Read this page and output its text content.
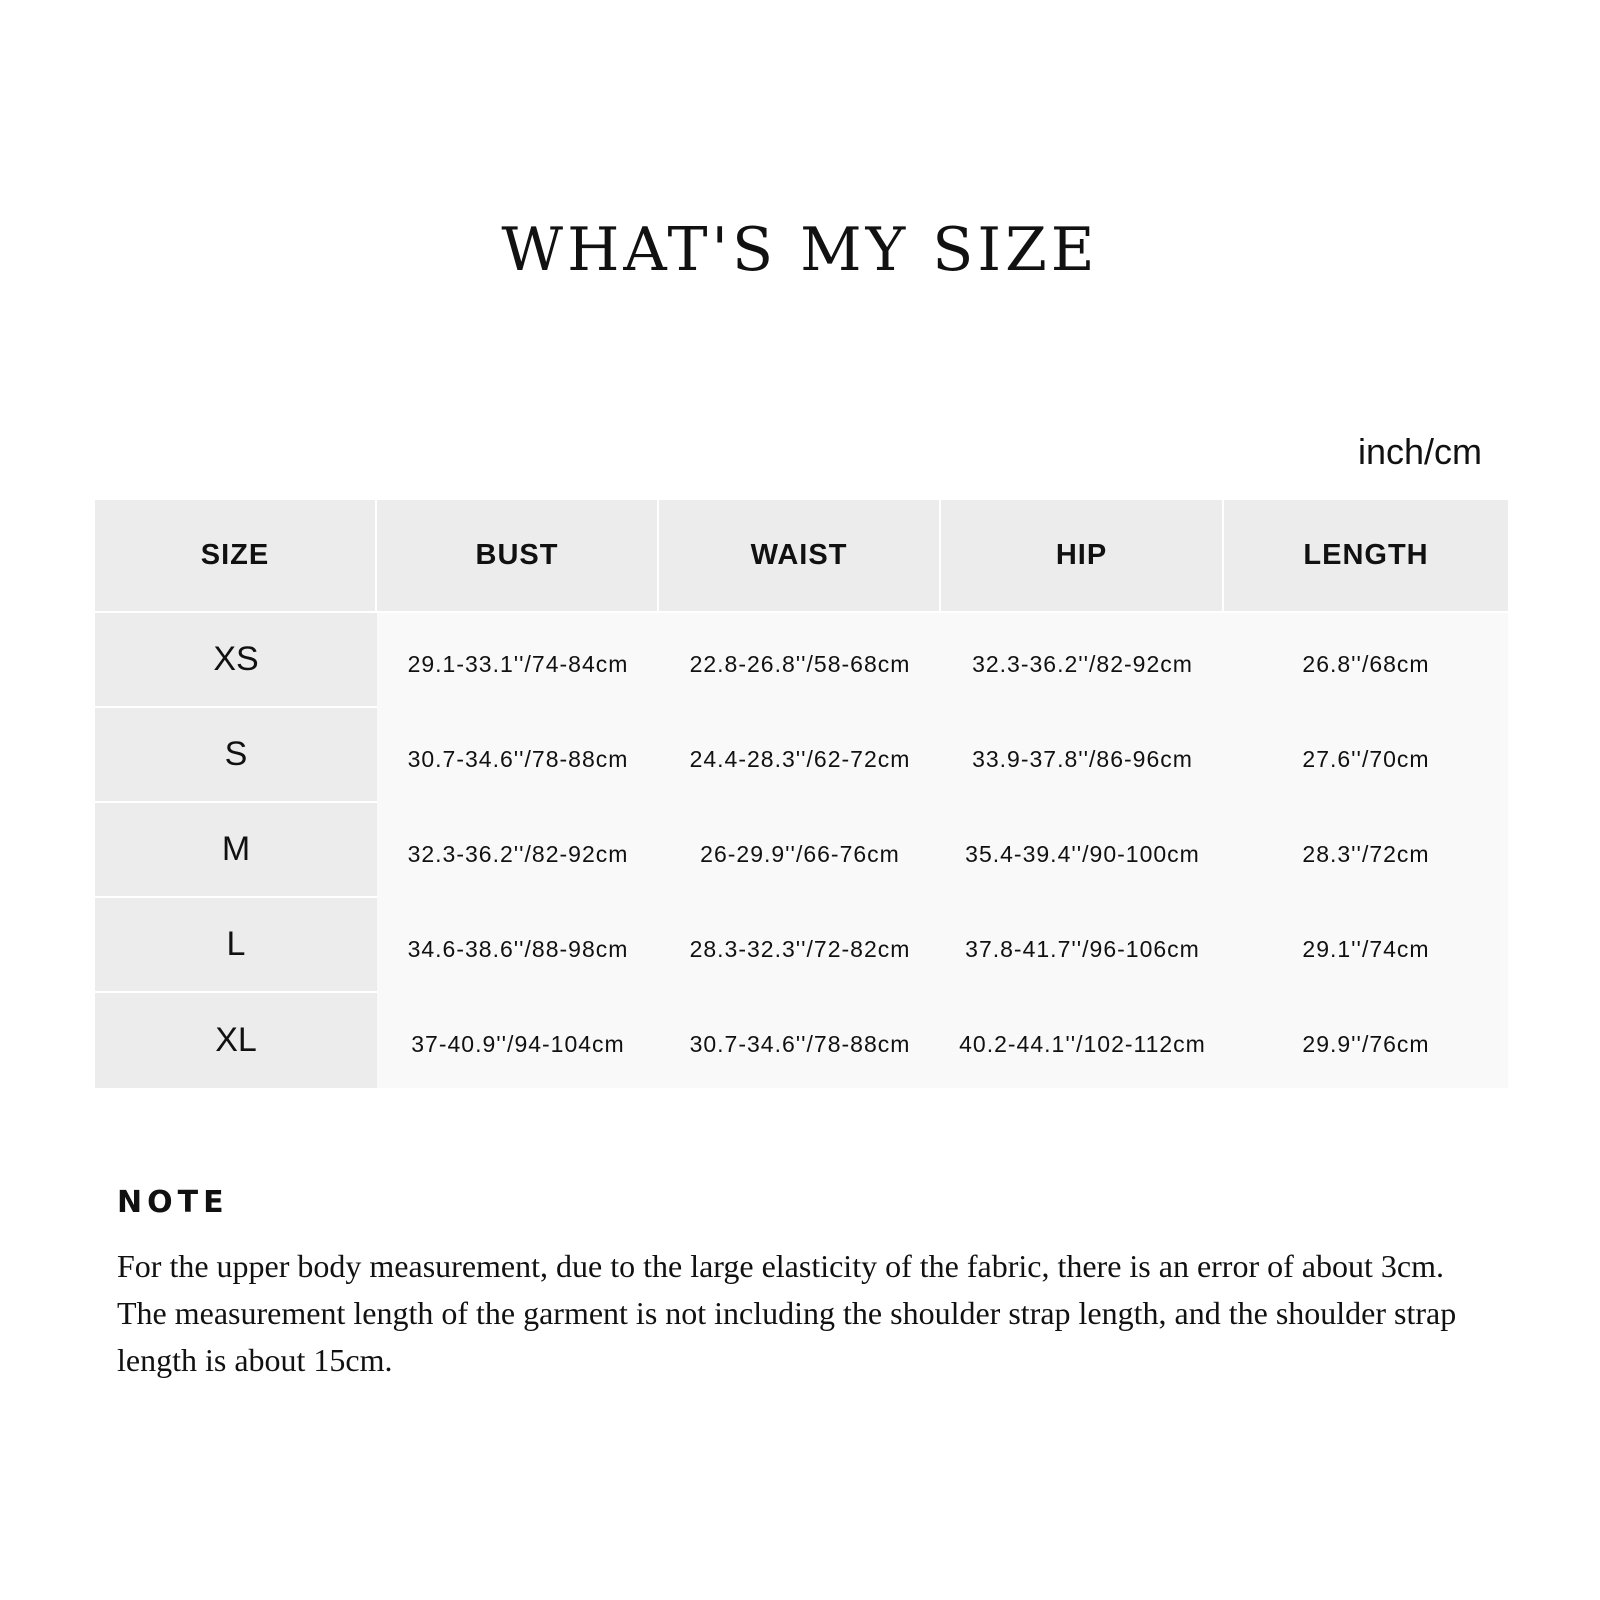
WHAT'S MY SIZE
inch/cm
SIZE	BUST	WAIST	HIP	LENGTH
XS	29.1-33.1''/74-84cm	22.8-26.8''/58-68cm	32.3-36.2''/82-92cm	26.8''/68cm
S	30.7-34.6''/78-88cm	24.4-28.3''/62-72cm	33.9-37.8''/86-96cm	27.6''/70cm
M	32.3-36.2''/82-92cm	26-29.9''/66-76cm	35.4-39.4''/90-100cm	28.3''/72cm
L	34.6-38.6''/88-98cm	28.3-32.3''/72-82cm	37.8-41.7''/96-106cm	29.1''/74cm
XL	37-40.9''/94-104cm	30.7-34.6''/78-88cm	40.2-44.1''/102-112cm	29.9''/76cm
NOTE

For the upper body measurement, due to the large elasticity of the fabric, there is an error of about 3cm. The measurement length of the garment is not including the shoulder strap length, and the shoulder strap length is about 15cm.
